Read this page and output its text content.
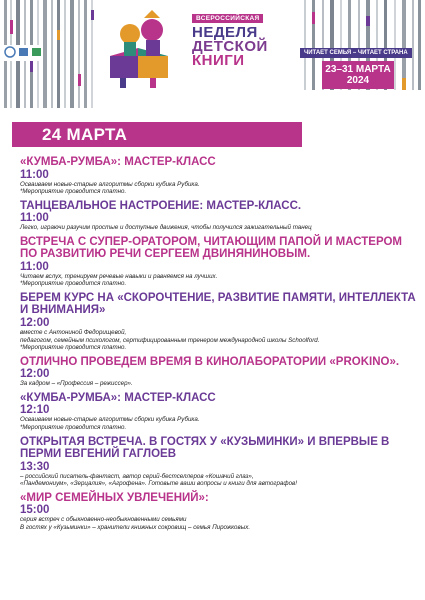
ВСЕРОССИЙСКАЯ
НЕДЕЛЯ
ДЕТСКОЙ
КНИГИ	ЧИТАЕТ СЕМЬЯ – ЧИТАЕТ СТРАНА
23–31 МАРТА
2024
24 МАРТА
«КУМБА-РУМБА»: МАСТЕР-КЛАСС
11:00
Осваиваем новые-старые алгоритмы сборки кубика Рубика.
*Мероприятие проводится платно.
ТАНЦЕВАЛЬНОЕ НАСТРОЕНИЕ: МАСТЕР-КЛАСС.
11:00
Легко, играючи разучим простые и доступные движения, чтобы получился зажигательный танец
ВСТРЕЧА С СУПЕР-ОРАТОРОМ, ЧИТАЮЩИМ ПАПОЙ И МАСТЕРОМ ПО РАЗВИТИЮ РЕЧИ СЕРГЕЕМ ДВИНЯНИНОВЫМ.
11:00
Читаем вслух, тренируем речевые навыки и равняемся на лучших.
*Мероприятие проводится платно.
БЕРЕМ КУРС НА «СКОРОЧТЕНИЕ, РАЗВИТИЕ ПАМЯТИ, ИНТЕЛЛЕКТА И ВНИМАНИЯ»
12:00
вместе с Антониной Федорищевой,
педагогом, семейным психологом, сертифицированным тренером международной школы Schoolford.
*Мероприятие проводится платно.
ОТЛИЧНО ПРОВЕДЕМ ВРЕМЯ В КИНОЛАБОРАТОРИИ «PROKINO».
12:00
За кадром – «Профессия – режиссер».
«КУМБА-РУМБА»: МАСТЕР-КЛАСС
12:10
Осваиваем новые-старые алгоритмы сборки кубика Рубика.
*Мероприятие проводится платно.
ОТКРЫТАЯ ВСТРЕЧА. В ГОСТЯХ У «КУЗЬМИНКИ» И ВПЕРВЫЕ В ПЕРМИ ЕВГЕНИЙ ГАГЛОЕВ
13:30
– российский писатель-фантаст, автор серий-бестселлеров «Кошачий глаз»,
«Пандемониум», «Зерцалия», «Агрофена». Готовьте ваши вопросы и книги для автографов!
«МИР СЕМЕЙНЫХ УВЛЕЧЕНИЙ»:
15:00
серия встреч с обыкновенно-необыкновенными семьями
В гостях у «Кузьминки» – хранители книжных сокровищ – семья Пирожковых.
